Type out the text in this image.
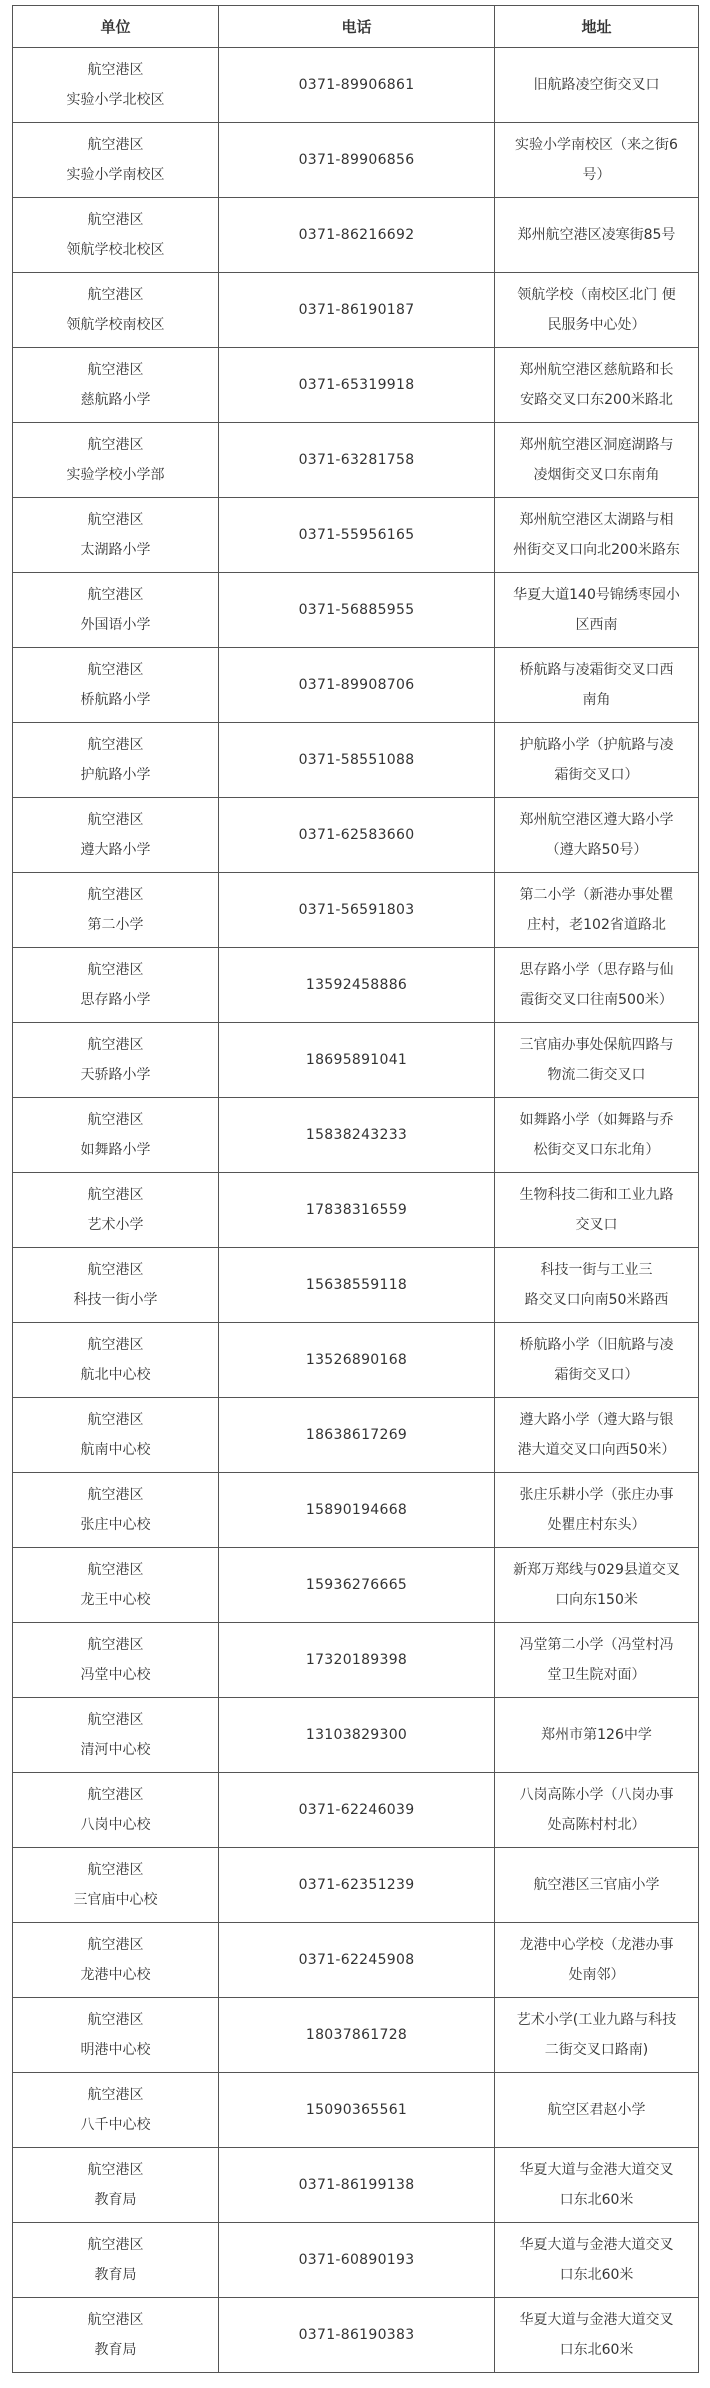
单位	电话	地址

航空港区
实验小学北校区	0371-89906861	旧航路凌空街交叉口

航空港区
实验小学南校区	0371-89906856	实验小学南校区（来之街6
号）

航空港区
领航学校北校区	0371-86216692	郑州航空港区凌寒街85号

航空港区
领航学校南校区	0371-86190187	领航学校（南校区北门 便
民服务中心处）

航空港区
慈航路小学	0371-65319918	郑州航空港区慈航路和长
安路交叉口东200米路北

航空港区
实验学校小学部	0371-63281758	郑州航空港区洞庭湖路与
凌烟街交叉口东南角

航空港区
太湖路小学	0371-55956165	郑州航空港区太湖路与相
州街交叉口向北200米路东

航空港区
外国语小学	0371-56885955	华夏大道140号锦绣枣园小
区西南

航空港区
桥航路小学	0371-89908706	桥航路与凌霜街交叉口西
南角

航空港区
护航路小学	0371-58551088	护航路小学（护航路与凌
霜街交叉口）

航空港区
遵大路小学	0371-62583660	郑州航空港区遵大路小学
（遵大路50号）

航空港区
第二小学	0371-56591803	第二小学（新港办事处瞿
庄村，老102省道路北

航空港区
思存路小学	13592458886	思存路小学（思存路与仙
霞街交叉口往南500米）

航空港区
天骄路小学	18695891041	三官庙办事处保航四路与
物流二街交叉口

航空港区
如舞路小学	15838243233	如舞路小学（如舞路与乔
松街交叉口东北角）

航空港区
艺术小学	17838316559	生物科技二街和工业九路
交叉口

航空港区
科技一街小学	15638559118	科技一街与工业三
路交叉口向南50米路西

航空港区
航北中心校	13526890168	桥航路小学（旧航路与凌
霜街交叉口）

航空港区
航南中心校	18638617269	遵大路小学（遵大路与银
港大道交叉口向西50米）

航空港区
张庄中心校	15890194668	张庄乐耕小学（张庄办事
处瞿庄村东头）

航空港区
龙王中心校	15936276665	新郑万郑线与029县道交叉
口向东150米

航空港区
冯堂中心校	17320189398	冯堂第二小学（冯堂村冯
堂卫生院对面）

航空港区
清河中心校	13103829300	郑州市第126中学

航空港区
八岗中心校	0371-62246039	八岗高陈小学（八岗办事
处高陈村村北）

航空港区
三官庙中心校	0371-62351239	航空港区三官庙小学

航空港区
龙港中心校	0371-62245908	龙港中心学校（龙港办事
处南邻）

航空港区
明港中心校	18037861728	艺术小学(工业九路与科技
二街交叉口路南)

航空港区
八千中心校	15090365561	航空区君赵小学

航空港区
教育局	0371-86199138	华夏大道与金港大道交叉
口东北60米

航空港区
教育局	0371-60890193	华夏大道与金港大道交叉
口东北60米

航空港区
教育局	0371-86190383	华夏大道与金港大道交叉
口东北60米
